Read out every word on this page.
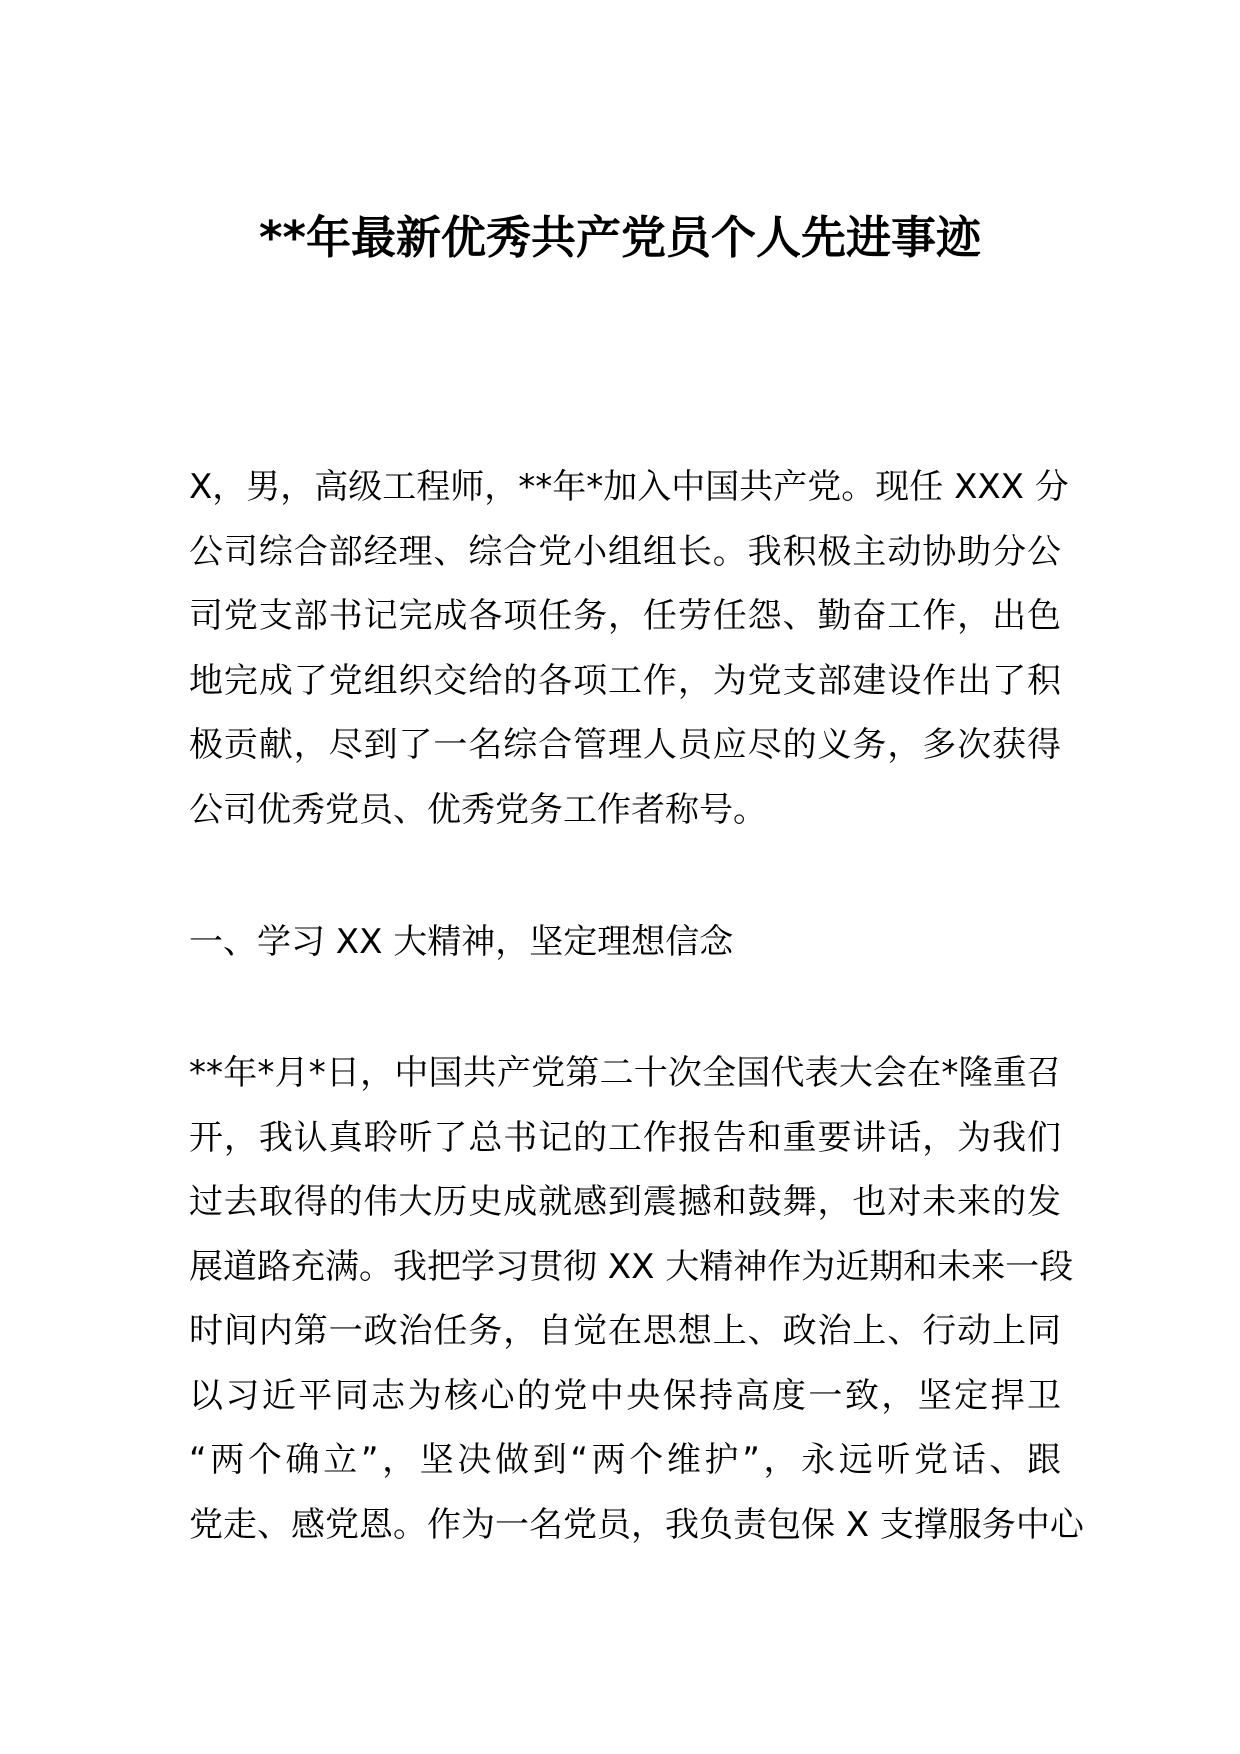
**年最新优秀共产党员个人先进事迹
X，男，高级工程师，**年*加入中国共产党。现任 XXX 分
公司综合部经理、综合党小组组长。我积极主动协助分公
司党支部书记完成各项任务，任劳任怨、勤奋工作，出色
地完成了党组织交给的各项工作，为党支部建设作出了积
极贡献，尽到了一名综合管理人员应尽的义务，多次获得
公司优秀党员、优秀党务工作者称号。
一、学习 XX 大精神，坚定理想信念
**年*月*日，中国共产党第二十次全国代表大会在*隆重召
开，我认真聆听了总书记的工作报告和重要讲话，为我们
过去取得的伟大历史成就感到震撼和鼓舞，也对未来的发
展道路充满。我把学习贯彻 XX 大精神作为近期和未来一段
时间内第一政治任务，自觉在思想上、政治上、行动上同
以习近平同志为核心的党中央保持高度一致，坚定捍卫
“两个确立”，坚决做到“两个维护”，永远听党话、跟
党走、感党恩。作为一名党员，我负责包保 X 支撑服务中心
